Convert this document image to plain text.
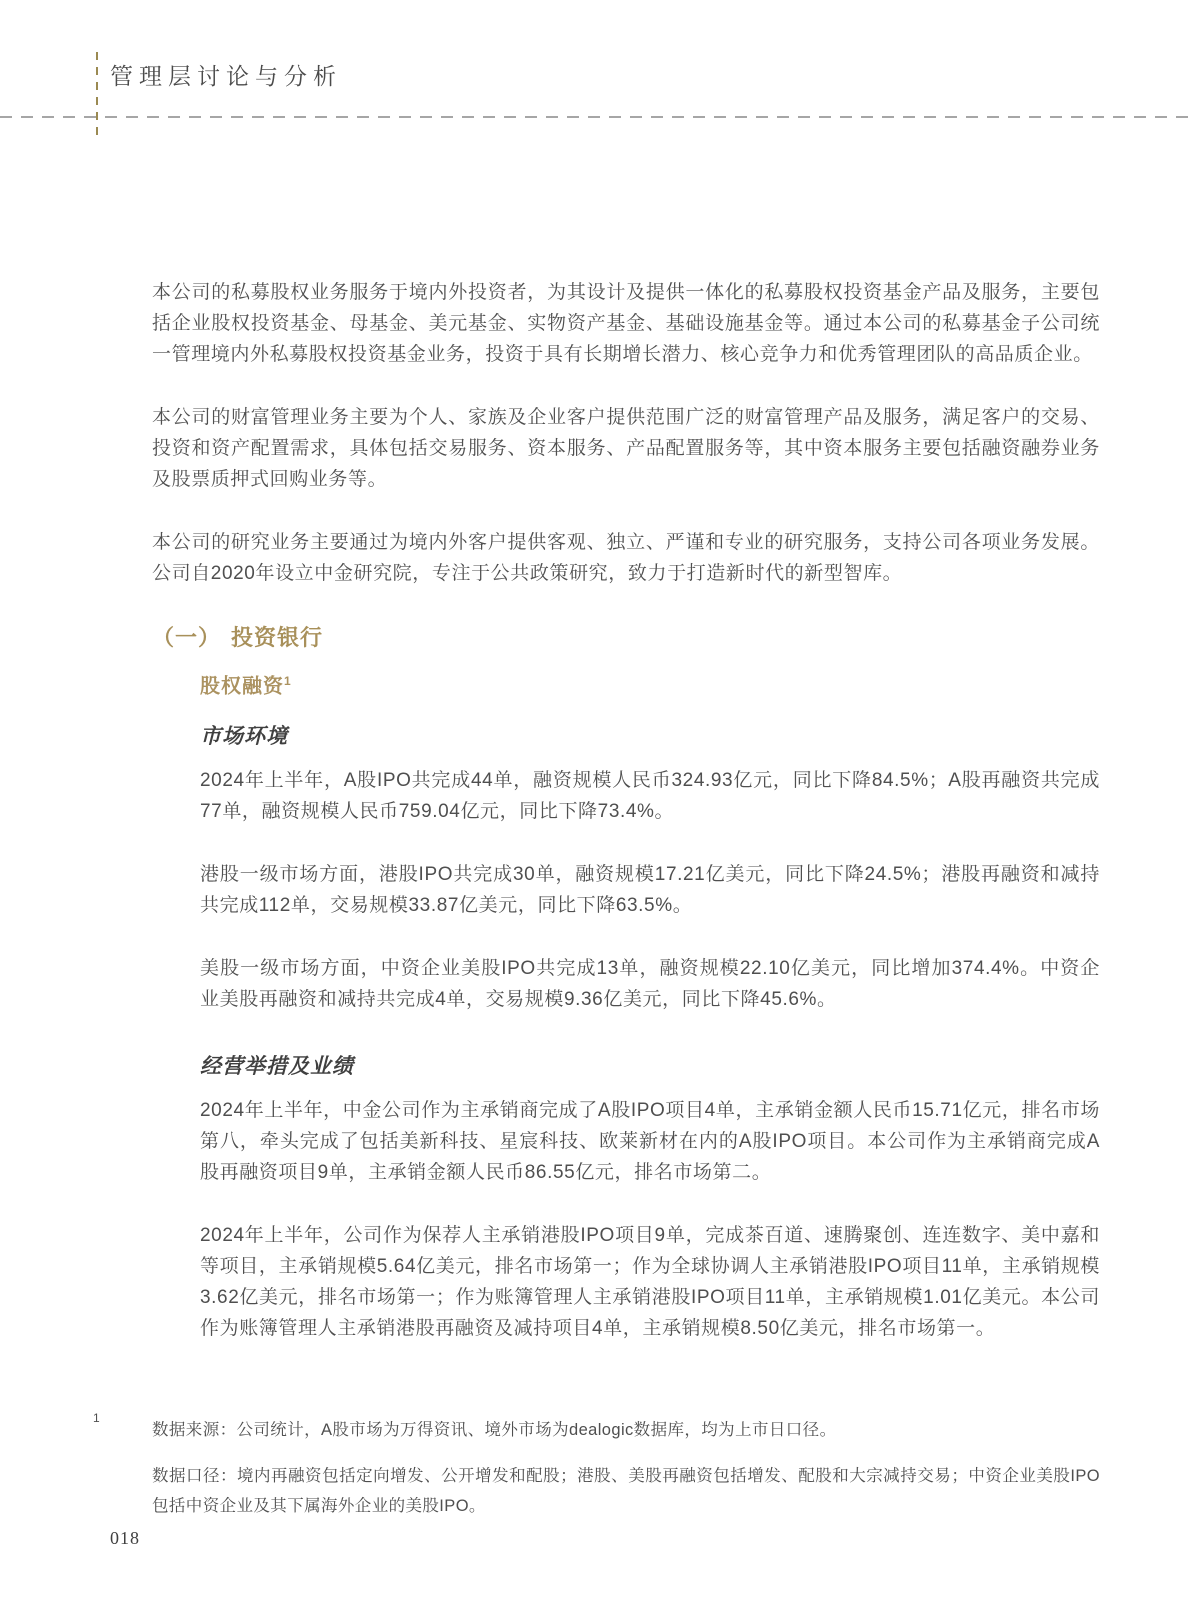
管理层讨论与分析

本公司的私募股权业务服务于境内外投资者，为其设计及提供一体化的私募股权投资基金产品及服务，主要包括企业股权投资基金、母基金、美元基金、实物资产基金、基础设施基金等。通过本公司的私募基金子公司统一管理境内外私募股权投资基金业务，投资于具有长期增长潜力、核心竞争力和优秀管理团队的高品质企业。

本公司的财富管理业务主要为个人、家族及企业客户提供范围广泛的财富管理产品及服务，满足客户的交易、投资和资产配置需求，具体包括交易服务、资本服务、产品配置服务等，其中资本服务主要包括融资融券业务及股票质押式回购业务等。

本公司的研究业务主要通过为境内外客户提供客观、独立、严谨和专业的研究服务，支持公司各项业务发展。公司自2020年设立中金研究院，专注于公共政策研究，致力于打造新时代的新型智库。

（一） 投资银行
股权融资$^1$
市场环境

2024年上半年，A股IPO共完成44单，融资规模人民币324.93亿元，同比下降84.5%；A股再融资共完成77单，融资规模人民币759.04亿元，同比下降73.4%。

港股一级市场方面，港股IPO共完成30单，融资规模17.21亿美元，同比下降24.5%；港股再融资和减持共完成112单，交易规模33.87亿美元，同比下降63.5%。

美股一级市场方面，中资企业美股IPO共完成13单，融资规模22.10亿美元，同比增加374.4%。中资企业美股再融资和减持共完成4单，交易规模9.36亿美元，同比下降45.6%。

经营举措及业绩

2024年上半年，中金公司作为主承销商完成了A股IPO项目4单，主承销金额人民币15.71亿元，排名市场第八，牵头完成了包括美新科技、星宸科技、欧莱新材在内的A股IPO项目。本公司作为主承销商完成A股再融资项目9单，主承销金额人民币86.55亿元，排名市场第二。

2024年上半年，公司作为保荐人主承销港股IPO项目9单，完成茶百道、速腾聚创、连连数字、美中嘉和等项目，主承销规模5.64亿美元，排名市场第一；作为全球协调人主承销港股IPO项目11单，主承销规模3.62亿美元，排名市场第一；作为账簿管理人主承销港股IPO项目11单，主承销规模1.01亿美元。本公司作为账簿管理人主承销港股再融资及减持项目4单，主承销规模8.50亿美元，排名市场第一。

1

数据来源：公司统计，A股市场为万得资讯、境外市场为dealogic数据库，均为上市日口径。

数据口径：境内再融资包括定向增发、公开增发和配股；港股、美股再融资包括增发、配股和大宗减持交易；中资企业美股IPO包括中资企业及其下属海外企业的美股IPO。

018
